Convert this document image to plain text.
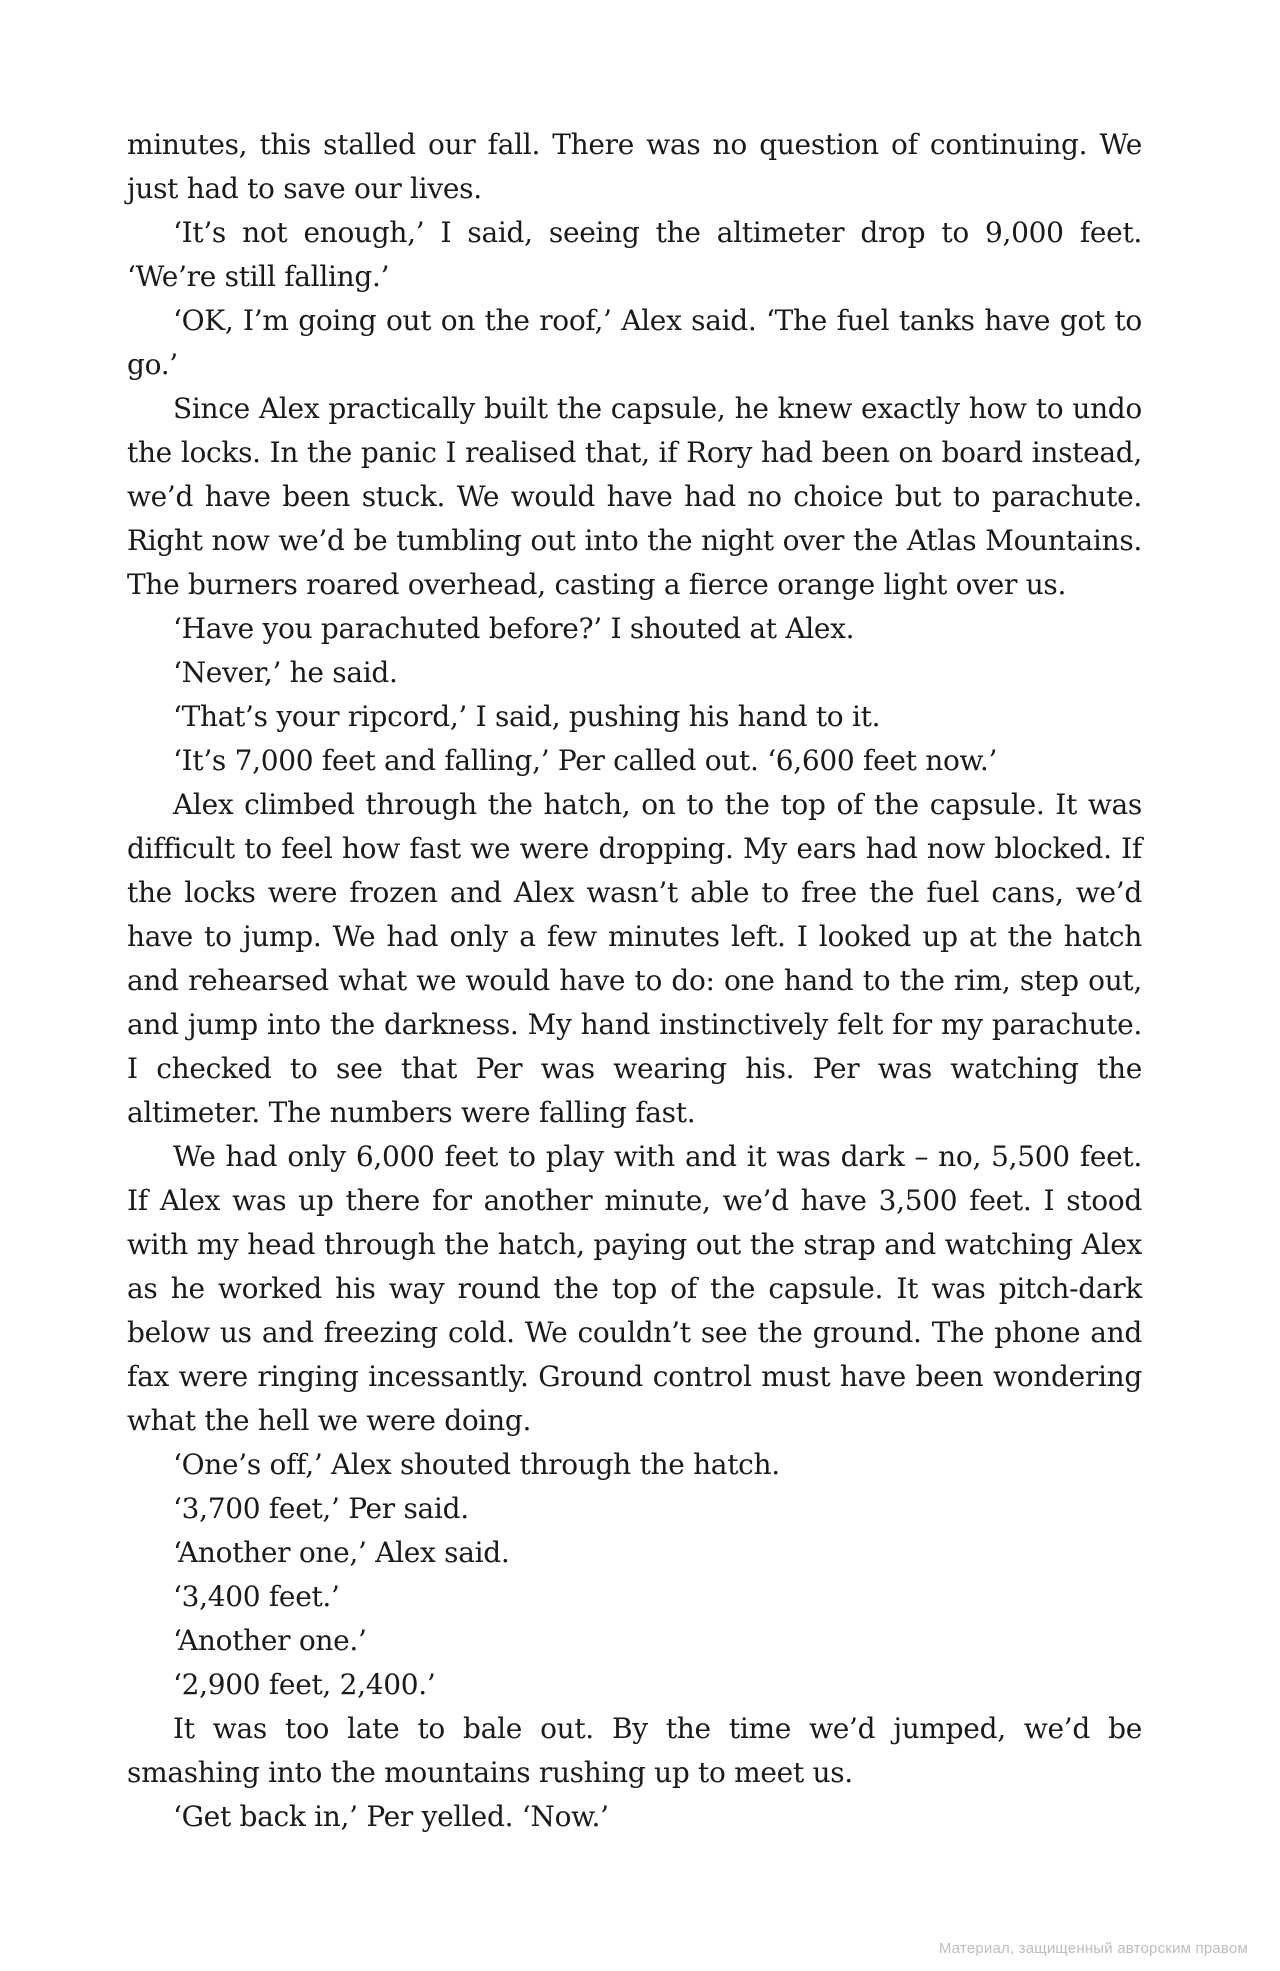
minutes, this stalled our fall. There was no question of continuing. We just had to save our lives.

‘It’s not enough,’ I said, seeing the altimeter drop to 9,000 feet. ‘We’re still falling.’

‘OK, I’m going out on the roof,’ Alex said. ‘The fuel tanks have got to go.’

Since Alex practically built the capsule, he knew exactly how to undo the locks. In the panic I realised that, if Rory had been on board instead, we’d have been stuck. We would have had no choice but to parachute. Right now we’d be tumbling out into the night over the Atlas Mountains. The burners roared overhead, casting a fierce orange light over us.

‘Have you parachuted before?’ I shouted at Alex.

‘Never,’ he said.

‘That’s your ripcord,’ I said, pushing his hand to it.

‘It’s 7,000 feet and falling,’ Per called out. ‘6,600 feet now.’

Alex climbed through the hatch, on to the top of the capsule. It was difficult to feel how fast we were dropping. My ears had now blocked. If the locks were frozen and Alex wasn’t able to free the fuel cans, we’d have to jump. We had only a few minutes left. I looked up at the hatch and rehearsed what we would have to do: one hand to the rim, step out, and jump into the darkness. My hand instinctively felt for my parachute. I checked to see that Per was wearing his. Per was watching the altimeter. The numbers were falling fast.

We had only 6,000 feet to play with and it was dark – no, 5,500 feet. If Alex was up there for another minute, we’d have 3,500 feet. I stood with my head through the hatch, paying out the strap and watching Alex as he worked his way round the top of the capsule. It was pitch-dark below us and freezing cold. We couldn’t see the ground. The phone and fax were ringing incessantly. Ground control must have been wondering what the hell we were doing.

‘One’s off,’ Alex shouted through the hatch.

‘3,700 feet,’ Per said.

‘Another one,’ Alex said.

‘3,400 feet.’

‘Another one.’

‘2,900 feet, 2,400.’

It was too late to bale out. By the time we’d jumped, we’d be smashing into the mountains rushing up to meet us.

‘Get back in,’ Per yelled. ‘Now.’

Материал, защищенный авторским правом
